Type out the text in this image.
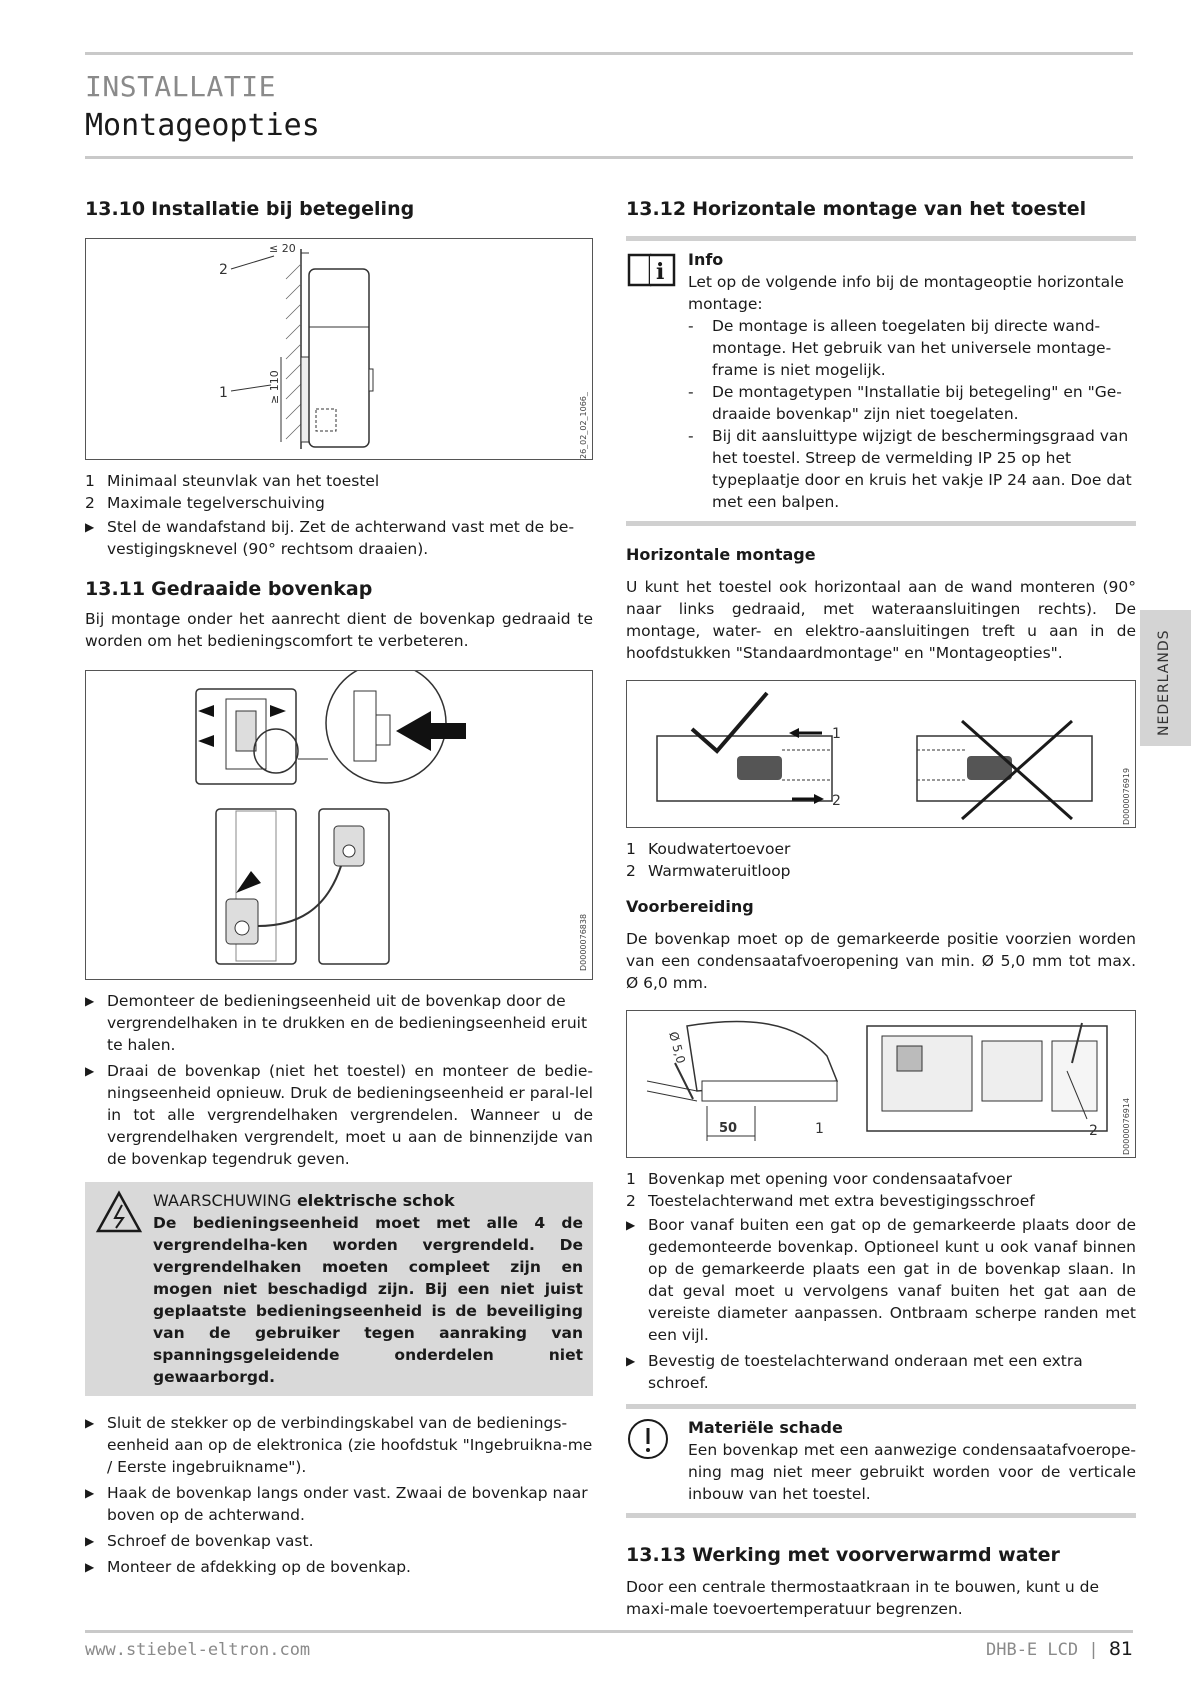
INSTALLATIE
Montageopties
13.10 Installatie bij betegeling
≤ 20
≥ 110
2
1	26_02_02_1066_
1 Minimaal steunvlak van het toestel
2 Maximale tegelverschuiving
▶ Stel de wandafstand bij. Zet de achterwand vast met de be-vestigingsknevel (90° rechtsom draaien).
13.11 Gedraaide bovenkap

Bij montage onder het aanrecht dient de bovenkap gedraaid te worden om het bedieningscomfort te verbeteren.

D0000076838
▶ Demonteer de bedieningseenheid uit de bovenkap door de vergrendelhaken in te drukken en de bedieningseenheid eruit te halen.
▶ Draai de bovenkap (niet het toestel) en monteer de bedie-ningseenheid opnieuw. Druk de bedieningseenheid er paral-lel in tot alle vergrendelhaken vergrendelen. Wanneer u de vergrendelhaken vergrendelt, moet u aan de binnenzijde van de bovenkap tegendruk geven.
WAARSCHUWING elektrische schok

De bedieningseenheid moet met alle 4 de vergrendelha-ken worden vergrendeld. De vergrendelhaken moeten compleet zijn en mogen niet beschadigd zijn. Bij een niet juist geplaatste bedieningseenheid is de beveiliging van de gebruiker tegen aanraking van spanningsgeleidende onderdelen niet gewaarborgd.

▶ Sluit de stekker op de verbindingskabel van de bedienings-eenheid aan op de elektronica (zie hoofdstuk "Ingebruikna-me / Eerste ingebruikname").
▶ Haak de bovenkap langs onder vast. Zwaai de bovenkap naar boven op de achterwand.
▶ Schroef de bovenkap vast.
▶ Monteer de afdekking op de bovenkap.
13.12 Horizontale montage van het toestel
i Info

Let op de volgende info bij de montageoptie horizontale montage:

-	De montage is alleen toegelaten bij directe wand-montage. Het gebruik van het universele montage-frame is niet mogelijk.
-	De montagetypen "Installatie bij betegeling" en "Ge-draaide bovenkap" zijn niet toegelaten.
-	Bij dit aansluittype wijzigt de beschermingsgraad van het toestel. Streep de vermelding IP 25 op het typeplaatje door en kruis het vakje IP 24 aan. Doe dat met een balpen.
Horizontale montage

U kunt het toestel ook horizontaal aan de wand monteren (90° naar links gedraaid, met wateraansluitingen rechts). De montage, water- en elektro-aansluitingen treft u aan in de hoofdstukken "Standaardmontage" en "Montageopties".

1
2	D0000076919
1 Koudwatertoevoer
2 Warmwateruitloop
Voorbereiding

De bovenkap moet op de gemarkeerde positie voorzien worden van een condensaatafvoeropening van min. Ø 5,0 mm tot max. Ø 6,0 mm.

Ø 5,0
50	1	2	D0000076914
1 Bovenkap met opening voor condensaatafvoer
2 Toestelachterwand met extra bevestigingsschroef
▶ Boor vanaf buiten een gat op de gemarkeerde plaats door de gedemonteerde bovenkap. Optioneel kunt u ook vanaf binnen op de gemarkeerde plaats een gat in de bovenkap slaan. In dat geval moet u vervolgens vanaf buiten het gat aan de vereiste diameter aanpassen. Ontbraam scherpe randen met een vijl.
▶ Bevestig de toestelachterwand onderaan met een extra schroef.
Materiële schade

Een bovenkap met een aanwezige condensaatafvoerope-ning mag niet meer gebruikt worden voor de verticale inbouw van het toestel.

13.13 Werking met voorverwarmd water

Door een centrale thermostaatkraan in te bouwen, kunt u de maxi-male toevoertemperatuur begrenzen.

NEDERLANDS
www.stiebel-eltron.com	DHB-E LCD | 81
